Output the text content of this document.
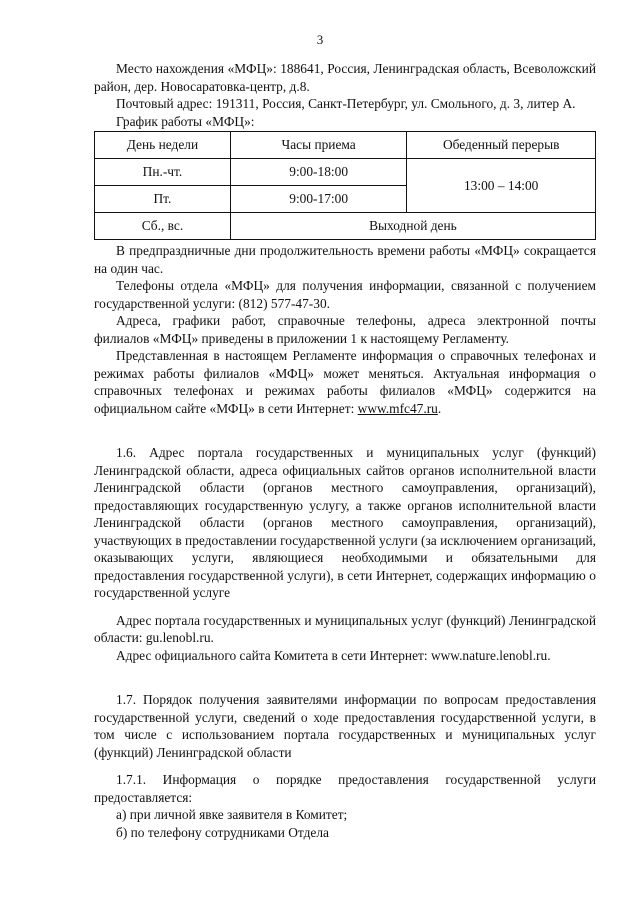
3

Место нахождения «МФЦ»: 188641, Россия, Ленинградская область, Всеволожский район, дер. Новосаратовка-центр, д.8.

Почтовый адрес: 191311, Россия, Санкт-Петербург, ул. Смольного, д. 3, литер А.

График работы «МФЦ»:

День недели	Часы приема	Обеденный перерыв
Пн.-чт.	9:00-18:00	13:00 – 14:00
Пт.	9:00-17:00	
Сб., вс.	Выходной день	

В предпраздничные дни продолжительность времени работы «МФЦ» сокращается на один час.

Телефоны отдела «МФЦ» для получения информации, связанной с получением государственной услуги: (812) 577-47-30.

Адреса, графики работ, справочные телефоны, адреса электронной почты филиалов «МФЦ» приведены в приложении 1 к настоящему Регламенту.

Представленная в настоящем Регламенте информация о справочных телефонах и режимах работы филиалов «МФЦ» может меняться. Актуальная информация о справочных телефонах и режимах работы филиалов «МФЦ» содержится на официальном сайте «МФЦ» в сети Интернет: www.mfc47.ru.

1.6. Адрес портала государственных и муниципальных услуг (функций) Ленинградской области, адреса официальных сайтов органов исполнительной власти Ленинградской области (органов местного самоуправления, организаций), предоставляющих государственную услугу, а также органов исполнительной власти Ленинградской области (органов местного самоуправления, организаций), участвующих в предоставлении государственной услуги (за исключением организаций, оказывающих услуги, являющиеся необходимыми и обязательными для предоставления государственной услуги), в сети Интернет, содержащих информацию о государственной услуге

Адрес портала государственных и муниципальных услуг (функций) Ленинградской области: gu.lenobl.ru.

Адрес официального сайта Комитета в сети Интернет: www.nature.lenobl.ru.

1.7. Порядок получения заявителями информации по вопросам предоставления государственной услуги, сведений о ходе предоставления государственной услуги, в том числе с использованием портала государственных и муниципальных услуг (функций) Ленинградской области

1.7.1. Информация о порядке предоставления государственной услуги предоставляется:

а) при личной явке заявителя в Комитет;

б) по телефону сотрудниками Отдела
